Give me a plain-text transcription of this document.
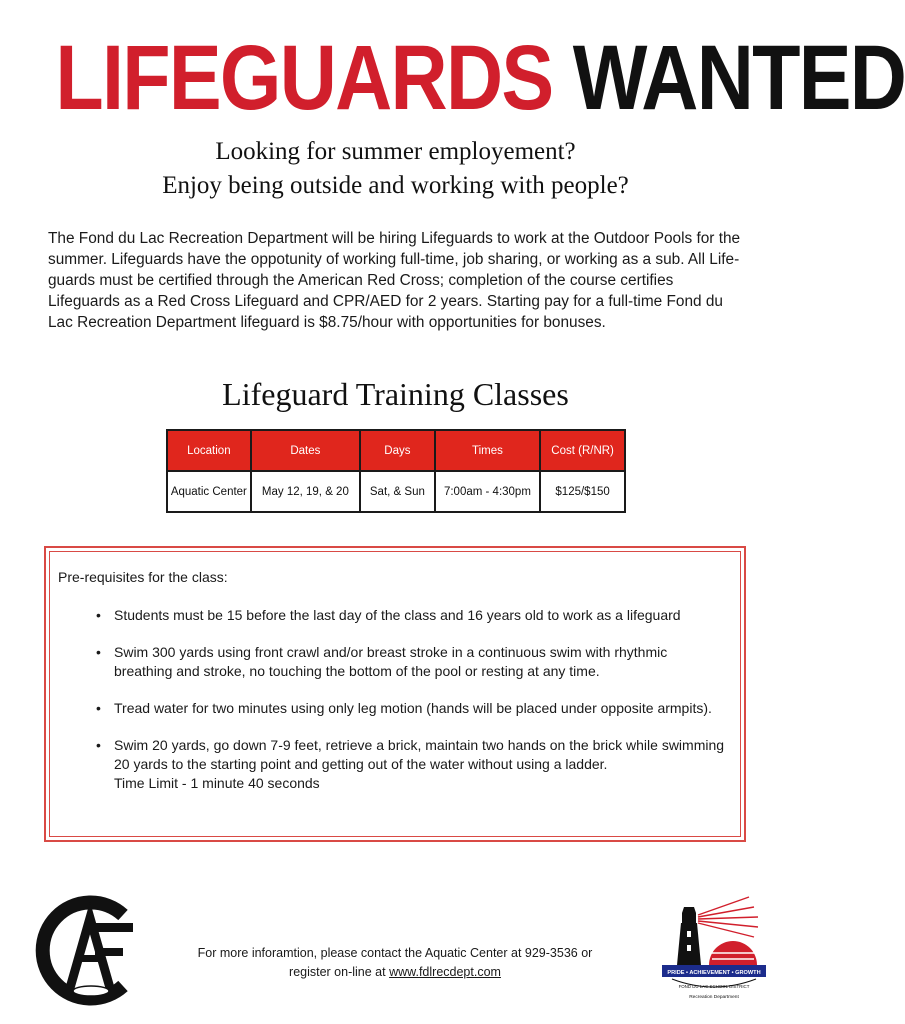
LIFEGUARDS WANTED
Looking for summer employement?
Enjoy being outside and working with people?
The Fond du Lac Recreation Department will be hiring Lifeguards to work at the Outdoor Pools for the summer. Lifeguards have the oppotunity of working full-time, job sharing, or working as a sub. All Life-guards must be certified through the American Red Cross; completion of the course certifies Lifeguards as a Red Cross Lifeguard and CPR/AED for 2 years. Starting pay for a full-time Fond du Lac Recreation Department lifeguard is $8.75/hour with opportunities for bonuses.
Lifeguard Training Classes
Location	Dates	Days	Times	Cost (R/NR)
Aquatic Center	May 12, 19, & 20	Sat, & Sun	7:00am - 4:30pm	$125/$150
Pre-requisites for the class:
• Students must be 15 before the last day of the class and 16 years old to work as a lifeguard
• Swim 300 yards using front crawl and/or breast stroke in a continuous swim with rhythmic
breathing and stroke, no touching the bottom of the pool or resting at any time.
• Tread water for two minutes using only leg motion (hands will be placed under opposite armpits).
• Swim 20 yards, go down 7-9 feet, retrieve a brick, maintain two hands on the brick while swimming
20 yards to the starting point and getting out of the water without using a ladder.
Time Limit - 1 minute 40 seconds
PRIDE • ACHIEVEMENT • GROWTH
FOND DU LAC SCHOOL DISTRICT
Recreation Department
For more inforamtion, please contact the Aquatic Center at 929-3536 or
register on-line at www.fdlrecdept.com
